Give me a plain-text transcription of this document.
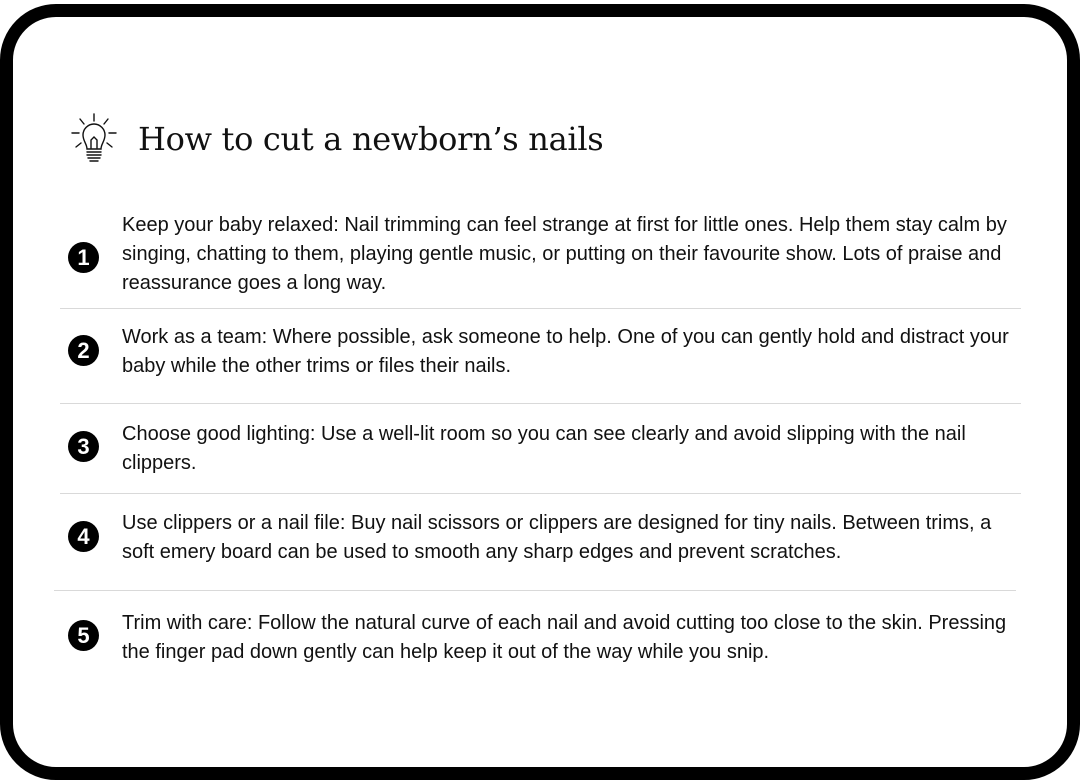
How to cut a newborn’s nails
1
Keep your baby relaxed: Nail trimming can feel strange at first for little ones. Help them stay calm by singing, chatting to them, playing gentle music, or putting on their favourite show. Lots of praise and reassurance goes a long way.
2
Work as a team: Where possible, ask someone to help. One of you can gently hold and distract your baby while the other trims or files their nails.
3	Choose good lighting: Use a well-lit room so you can see clearly and avoid slipping with the nail clippers.
4
Use clippers or a nail file: Buy nail scissors or clippers are designed for tiny nails. Between trims, a soft emery board can be used to smooth any sharp edges and prevent scratches.
5	Trim with care: Follow the natural curve of each nail and avoid cutting too close to the skin. Pressing the finger pad down gently can help keep it out of the way while you snip.
